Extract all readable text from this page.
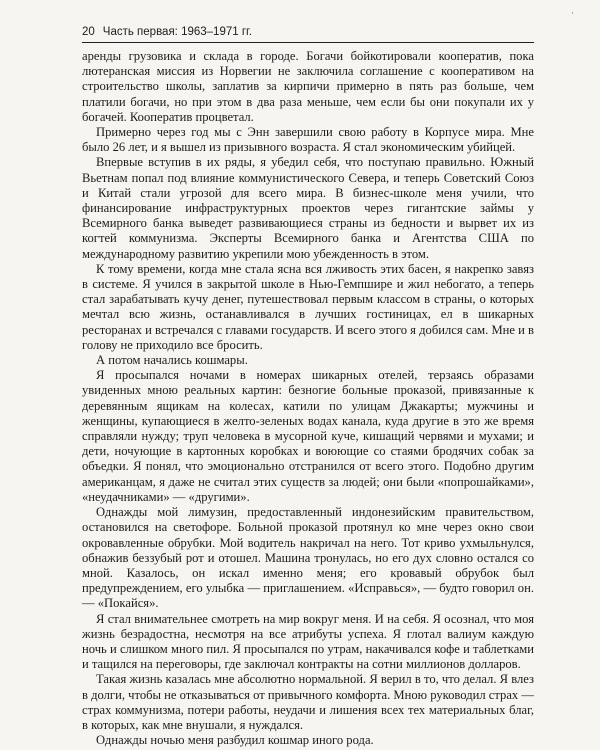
·
20 Часть первая: 1963–1971 гг.

аренды грузовика и склада в городе. Богачи бойкотировали кооператив, пока лютеранская миссия из Норвегии не заключила соглашение с кооперативом на строительство школы, заплатив за кирпичи примерно в пять раз больше, чем платили богачи, но при этом в два раза меньше, чем если бы они покупали их у богачей. Кооператив процветал.

Примерно через год мы с Энн завершили свою работу в Корпусе мира. Мне было 26 лет, и я вышел из призывного возраста. Я стал экономическим убийцей.

Впервые вступив в их ряды, я убедил себя, что поступаю правильно. Южный Вьетнам попал под влияние коммунистического Севера, и теперь Советский Союз и Китай стали угрозой для всего мира. В бизнес-школе меня учили, что финансирование инфраструктурных проектов через гигантские займы у Всемирного банка выведет развивающиеся страны из бедности и вырвет их из когтей коммунизма. Эксперты Всемирного банка и Агентства США по международному развитию укрепили мою убежденность в этом.

К тому времени, когда мне стала ясна вся лживость этих басен, я накрепко завяз в системе. Я учился в закрытой школе в Нью-Гемпшире и жил небогато, а теперь стал зарабатывать кучу денег, путешествовал первым классом в страны, о которых мечтал всю жизнь, останавливался в лучших гостиницах, ел в шикарных ресторанах и встречался с главами государств. И всего этого я добился сам. Мне и в голову не приходило все бросить.

А потом начались кошмары.

Я просыпался ночами в номерах шикарных отелей, терзаясь образами увиденных мною реальных картин: безногие больные проказой, привязанные к деревянным ящикам на колесах, катили по улицам Джакарты; мужчины и женщины, купающиеся в желто-зеленых водах канала, куда другие в это же время справляли нужду; труп человека в мусорной куче, кишащий червями и мухами; и дети, ночующие в картонных коробках и воюющие со стаями бродячих собак за объедки. Я понял, что эмоционально отстранился от всего этого. Подобно другим американцам, я даже не считал этих существ за людей; они были «попрошайками», «неудачниками» — «другими».

Однажды мой лимузин, предоставленный индонезийским правительством, остановился на светофоре. Больной проказой протянул ко мне через окно свои окровавленные обрубки. Мой водитель накричал на него. Тот криво ухмыльнулся, обнажив беззубый рот и отошел. Машина тронулась, но его дух словно остался со мной. Казалось, он искал именно меня; его кровавый обрубок был предупреждением, его улыбка — приглашением. «Исправься», — будто говорил он. — «Покайся».

Я стал внимательнее смотреть на мир вокруг меня. И на себя. Я осознал, что моя жизнь безрадостна, несмотря на все атрибуты успеха. Я глотал валиум каждую ночь и слишком много пил. Я просыпался по утрам, накачивался кофе и таблетками и тащился на переговоры, где заключал контракты на сотни миллионов долларов.

Такая жизнь казалась мне абсолютно нормальной. Я верил в то, что делал. Я влез в долги, чтобы не отказываться от привычного комфорта. Мною руководил страх — страх коммунизма, потери работы, неудачи и лишения всех тех материальных благ, в которых, как мне внушали, я нуждался.

Однажды ночью меня разбудил кошмар иного рода.
